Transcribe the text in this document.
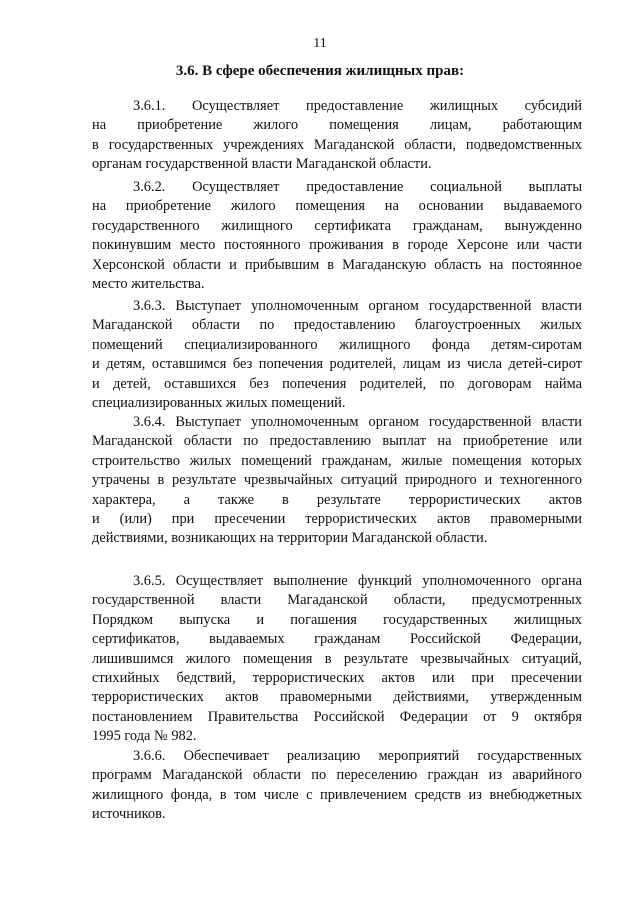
11
3.6. В сфере обеспечения жилищных прав:
3.6.1. Осуществляет предоставление жилищных субсидий
на приобретение жилого помещения лицам, работающим
в государственных учреждениях Магаданской области, подведомственных
органам государственной власти Магаданской области.
3.6.2. Осуществляет предоставление социальной выплаты
на приобретение жилого помещения на основании выдаваемого
государственного жилищного сертификата гражданам, вынужденно
покинувшим место постоянного проживания в городе Херсоне или части
Херсонской области и прибывшим в Магаданскую область на постоянное
место жительства.
3.6.3. Выступает уполномоченным органом государственной власти
Магаданской области по предоставлению благоустроенных жилых
помещений специализированного жилищного фонда детям-сиротам
и детям, оставшимся без попечения родителей, лицам из числа детей-сирот
и детей, оставшихся без попечения родителей, по договорам найма
специализированных жилых помещений.
3.6.4. Выступает уполномоченным органом государственной власти
Магаданской области по предоставлению выплат на приобретение или
строительство жилых помещений гражданам, жилые помещения которых
утрачены в результате чрезвычайных ситуаций природного и техногенного
характера, а также в результате террористических актов
и (или) при пресечении террористических актов правомерными
действиями, возникающих на территории Магаданской области.
3.6.5. Осуществляет выполнение функций уполномоченного органа
государственной власти Магаданской области, предусмотренных
Порядком выпуска и погашения государственных жилищных
сертификатов, выдаваемых гражданам Российской Федерации,
лишившимся жилого помещения в результате чрезвычайных ситуаций,
стихийных бедствий, террористических актов или при пресечении
террористических актов правомерными действиями, утвержденным
постановлением Правительства Российской Федерации от 9 октября
1995 года № 982.
3.6.6. Обеспечивает реализацию мероприятий государственных
программ Магаданской области по переселению граждан из аварийного
жилищного фонда, в том числе с привлечением средств из внебюджетных
источников.
